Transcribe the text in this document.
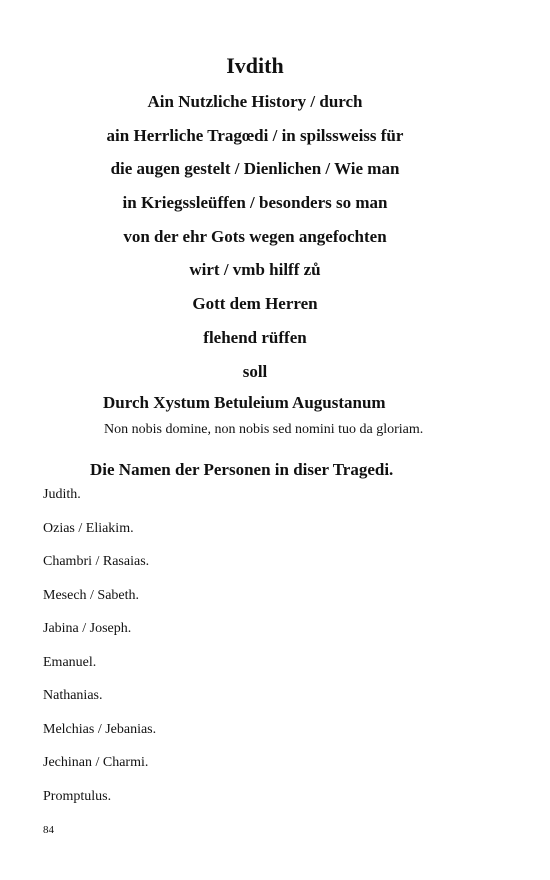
Ivdith
Ain Nutzliche History / durch
ain Herrliche Tragœdi / in spilssweiss für
die augen gestelt / Dienlichen / Wie man
in Kriegssleüffen / besonders so man
von der ehr Gots wegen angefochten
wirt / vmb hilff zů
Gott dem Herren
flehend rüffen
soll
Durch Xystum Betuleium Augustanum
Non nobis domine, non nobis sed nomini tuo da gloriam.
Die Namen der Personen in diser Tragedi.
Judith.
Ozias / Eliakim.
Chambri / Rasaias.
Mesech / Sabeth.
Jabina / Joseph.
Emanuel.
Nathanias.
Melchias / Jebanias.
Jechinan / Charmi.
Promptulus.
84
